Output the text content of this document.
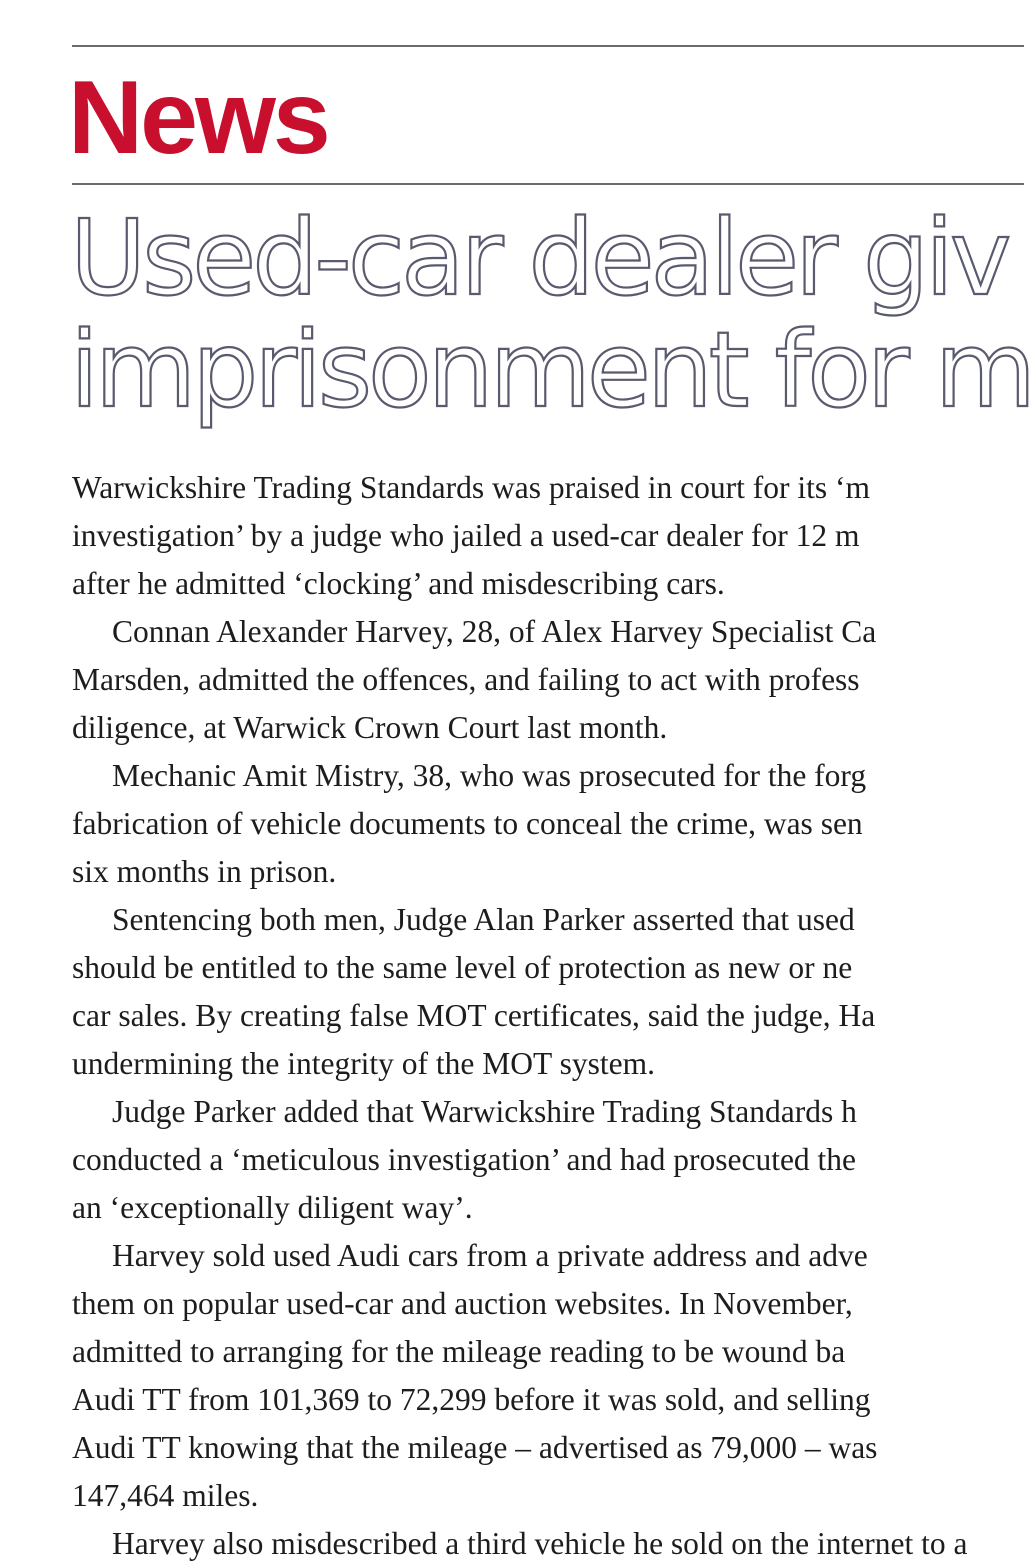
News
Used-car dealer giv
imprisonment for m

Warwickshire Trading Standards was praised in court for its ‘m
investigation’ by a judge who jailed a used-car dealer for 12 m
after he admitted ‘clocking’ and misdescribing cars.

Connan Alexander Harvey, 28, of Alex Harvey Specialist Ca
Marsden, admitted the offences, and failing to act with profess
diligence, at Warwick Crown Court last month.

Mechanic Amit Mistry, 38, who was prosecuted for the forg
fabrication of vehicle documents to conceal the crime, was sen
six months in prison.

Sentencing both men, Judge Alan Parker asserted that used
should be entitled to the same level of protection as new or ne
car sales. By creating false MOT certificates, said the judge, Ha
undermining the integrity of the MOT system.

Judge Parker added that Warwickshire Trading Standards h
conducted a ‘meticulous investigation’ and had prosecuted the
an ‘exceptionally diligent way’.

Harvey sold used Audi cars from a private address and adve
them on popular used-car and auction websites. In November,
admitted to arranging for the mileage reading to be wound ba
Audi TT from 101,369 to 72,299 before it was sold, and selling
Audi TT knowing that the mileage – advertised as 79,000 – was
147,464 miles.

Harvey also misdescribed a third vehicle he sold on the internet to a
